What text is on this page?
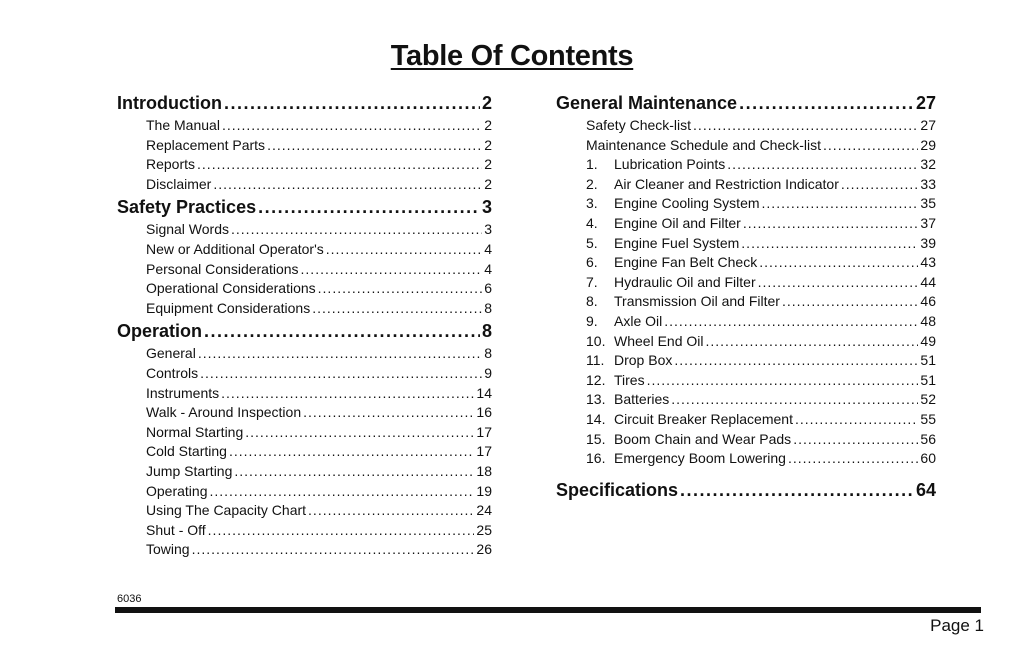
Table Of Contents
Introduction .....	2
The Manual .....	2
Replacement Parts .....	2
Reports .....	2
Disclaimer .....	2
Safety Practices .....	3
Signal Words .....	3
New or Additional Operator's .....	4
Personal Considerations .....	4
Operational Considerations .....	6
Equipment Considerations .....	8
Operation .....	8
General .....	8
Controls .....	9
Instruments .....	14
Walk - Around Inspection .....	16
Normal Starting .....	17
Cold Starting .....	17
Jump Starting .....	18
Operating .....	19
Using The Capacity Chart .....	24
Shut - Off .....	25
Towing .....	26
General Maintenance .....	27
Safety Check-list .....	27
Maintenance Schedule and Check-list .....	29
1. Lubrication Points .....	32
2. Air Cleaner and Restriction Indicator .....	33
3. Engine Cooling System .....	35
4. Engine Oil and Filter .....	37
5. Engine Fuel System .....	39
6. Engine Fan Belt Check .....	43
7. Hydraulic Oil and Filter .....	44
8. Transmission Oil and Filter .....	46
9. Axle Oil .....	48
10. Wheel End Oil .....	49
11. Drop Box .....	51
12. Tires .....	51
13. Batteries .....	52
14. Circuit Breaker Replacement .....	55
15. Boom Chain and Wear Pads .....	56
16. Emergency Boom Lowering .....	60
Specifications .....	64
6036
Page 1
